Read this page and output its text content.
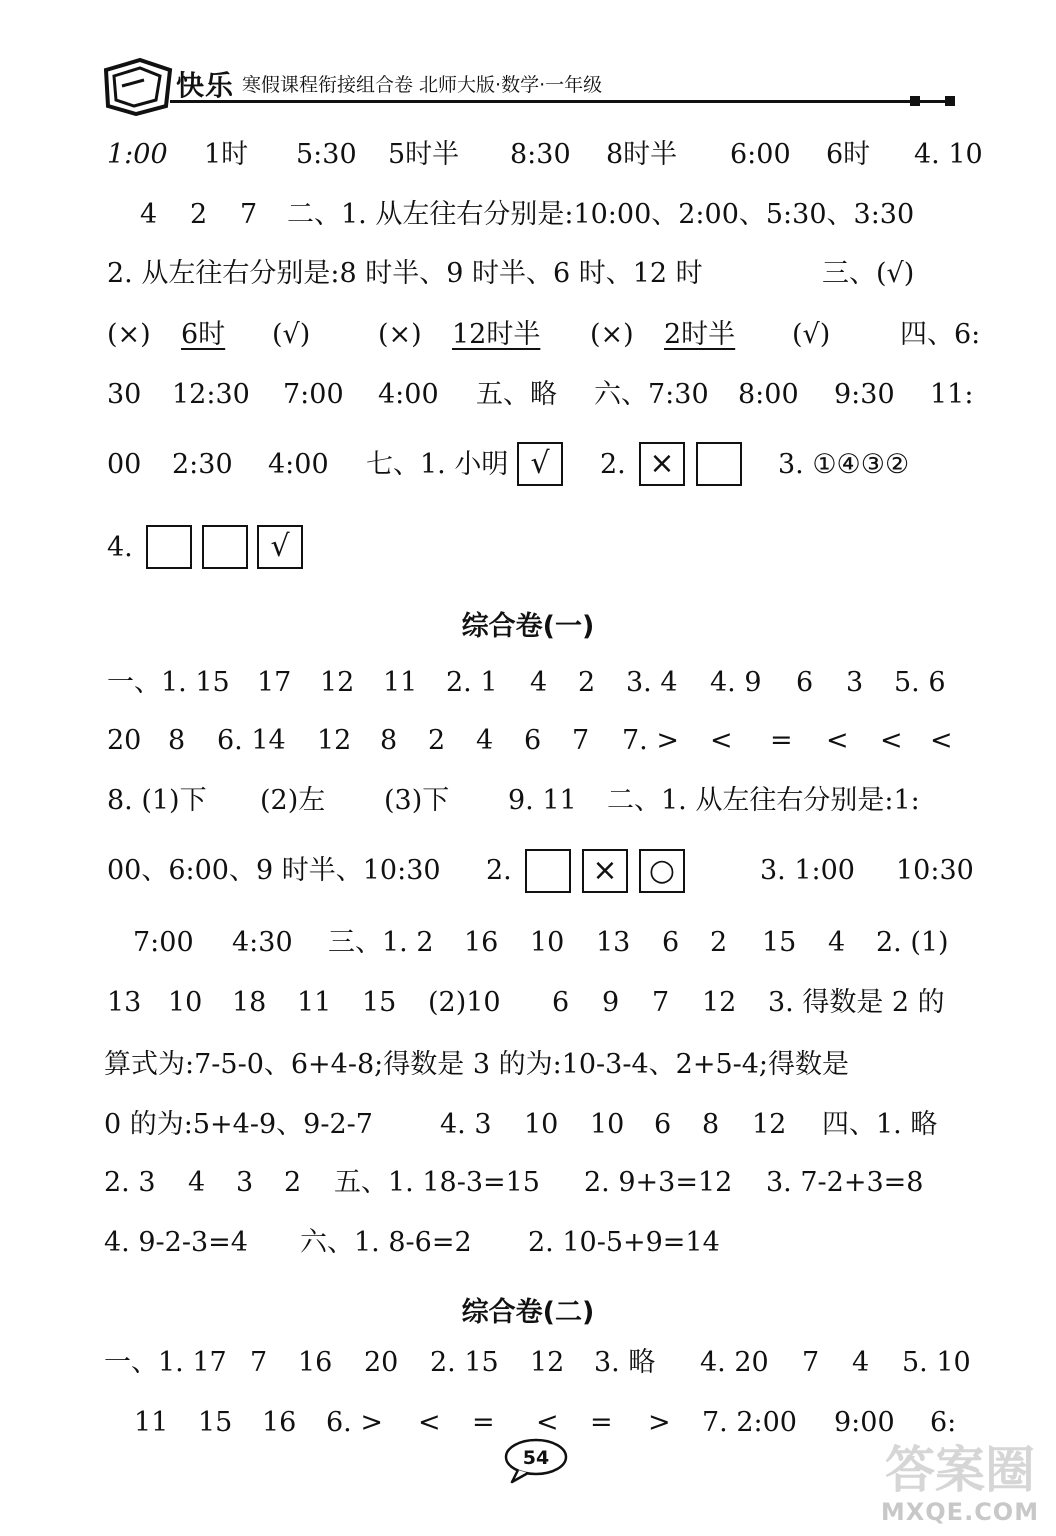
快乐 寒假课程衔接组合卷 北师大版·数学·一年级
1:00 1时 5:30 5时半 8:30 8时半 6:00 6时 4. 10
4 2 7 二、1. 从左往右分别是:10:00、2:00、5:30、3:30
2. 从左往右分别是:8 时半、9 时半、6 时、12 时	三、(√)
(×) 6时 (√)	(×) 12时半 (×) 2时半 (√)	四、6:
30 12:30 7:00 4:00 五、略 六、7:30 8:00 9:30 11:
00 2:30 4:00 七、1. 小明 √	2. ×	3. ①④③②
4.	√
综合卷(一)
一、1. 15 17 12 11 2. 1 4 2 3. 4 4. 9 6 3 5. 6
20 8 6. 14 12 8 2 4 6 7 7. > < = < < <
8. (1)下 (2)左 (3)下 9. 11 二、1. 从左往右分别是:1:
00、6:00、9 时半、10:30 2.	×	○	3. 1:00 10:30
7:00 4:30 三、1. 2 16 10 13 6 2 15 4 2. (1)
13 10 18 11 15 (2)10 6 9 7 12 3. 得数是 2 的
算式为:7-5-0、6+4-8;得数是 3 的为:10-3-4、2+5-4;得数是
0 的为:5+4-9、9-2-7 4. 3 10 10 6 8 12 四、1. 略
2. 3 4 3 2 五、1. 18-3=15 2. 9+3=12 3. 7-2+3=8
4. 9-2-3=4 六、1. 8-6=2 2. 10-5+9=14
综合卷(二)
一、1. 17 7 16 20 2. 15 12 3. 略 4. 20 7 4 5. 10
11 15 16 6. > < = < = > 7. 2:00 9:00 6:
54	答案圈
MXQE.COM
